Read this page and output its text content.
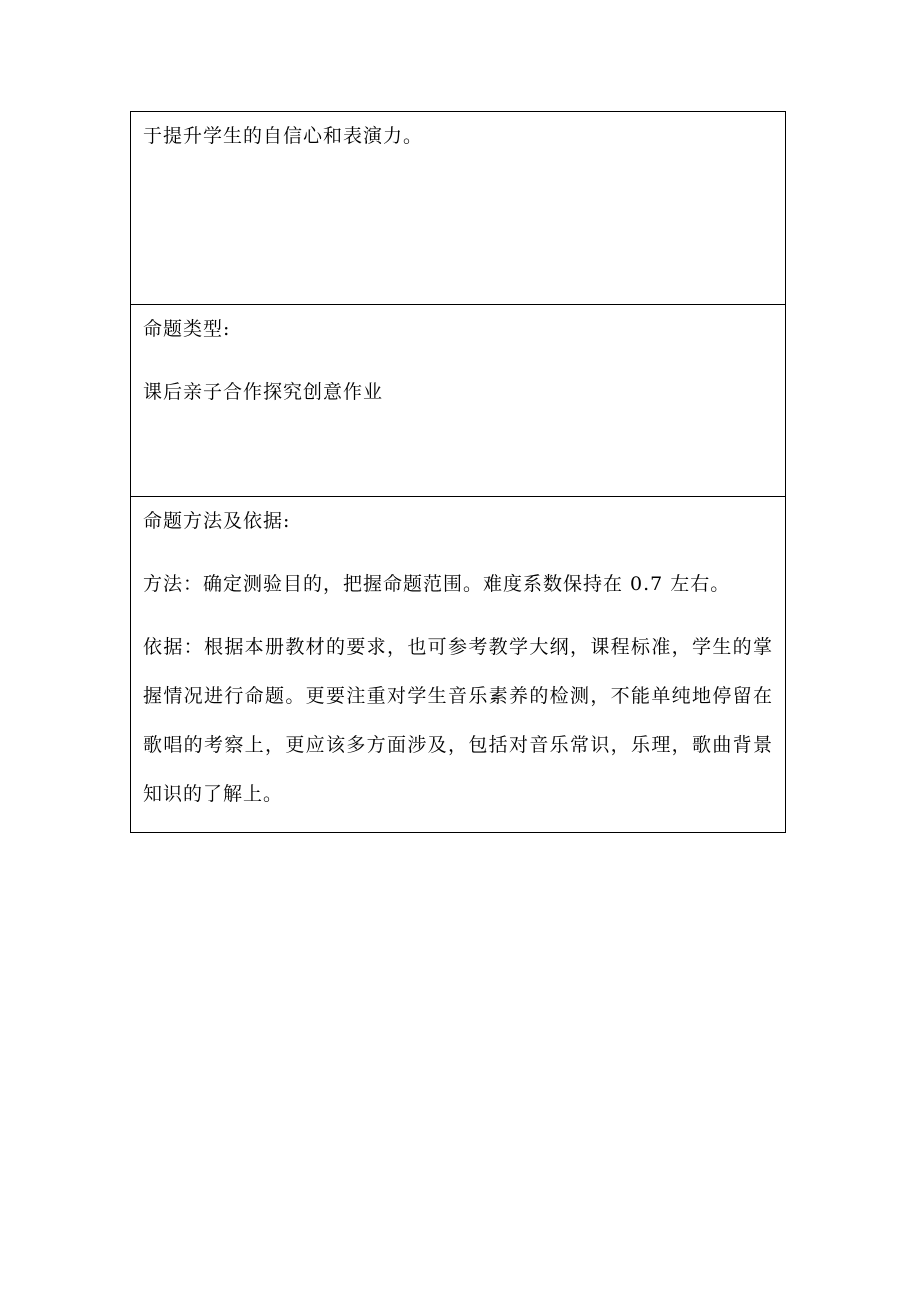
于提升学生的自信心和表演力。

命题类型:

课后亲子合作探究创意作业

命题方法及依据:

方法：确定测验目的，把握命题范围。难度系数保持在 0.7 左右。

依据：根据本册教材的要求，也可参考教学大纲，课程标准，学生的掌握情况进行命题。更要注重对学生音乐素养的检测，不能单纯地停留在歌唱的考察上，更应该多方面涉及，包括对音乐常识，乐理，歌曲背景知识的了解上。
